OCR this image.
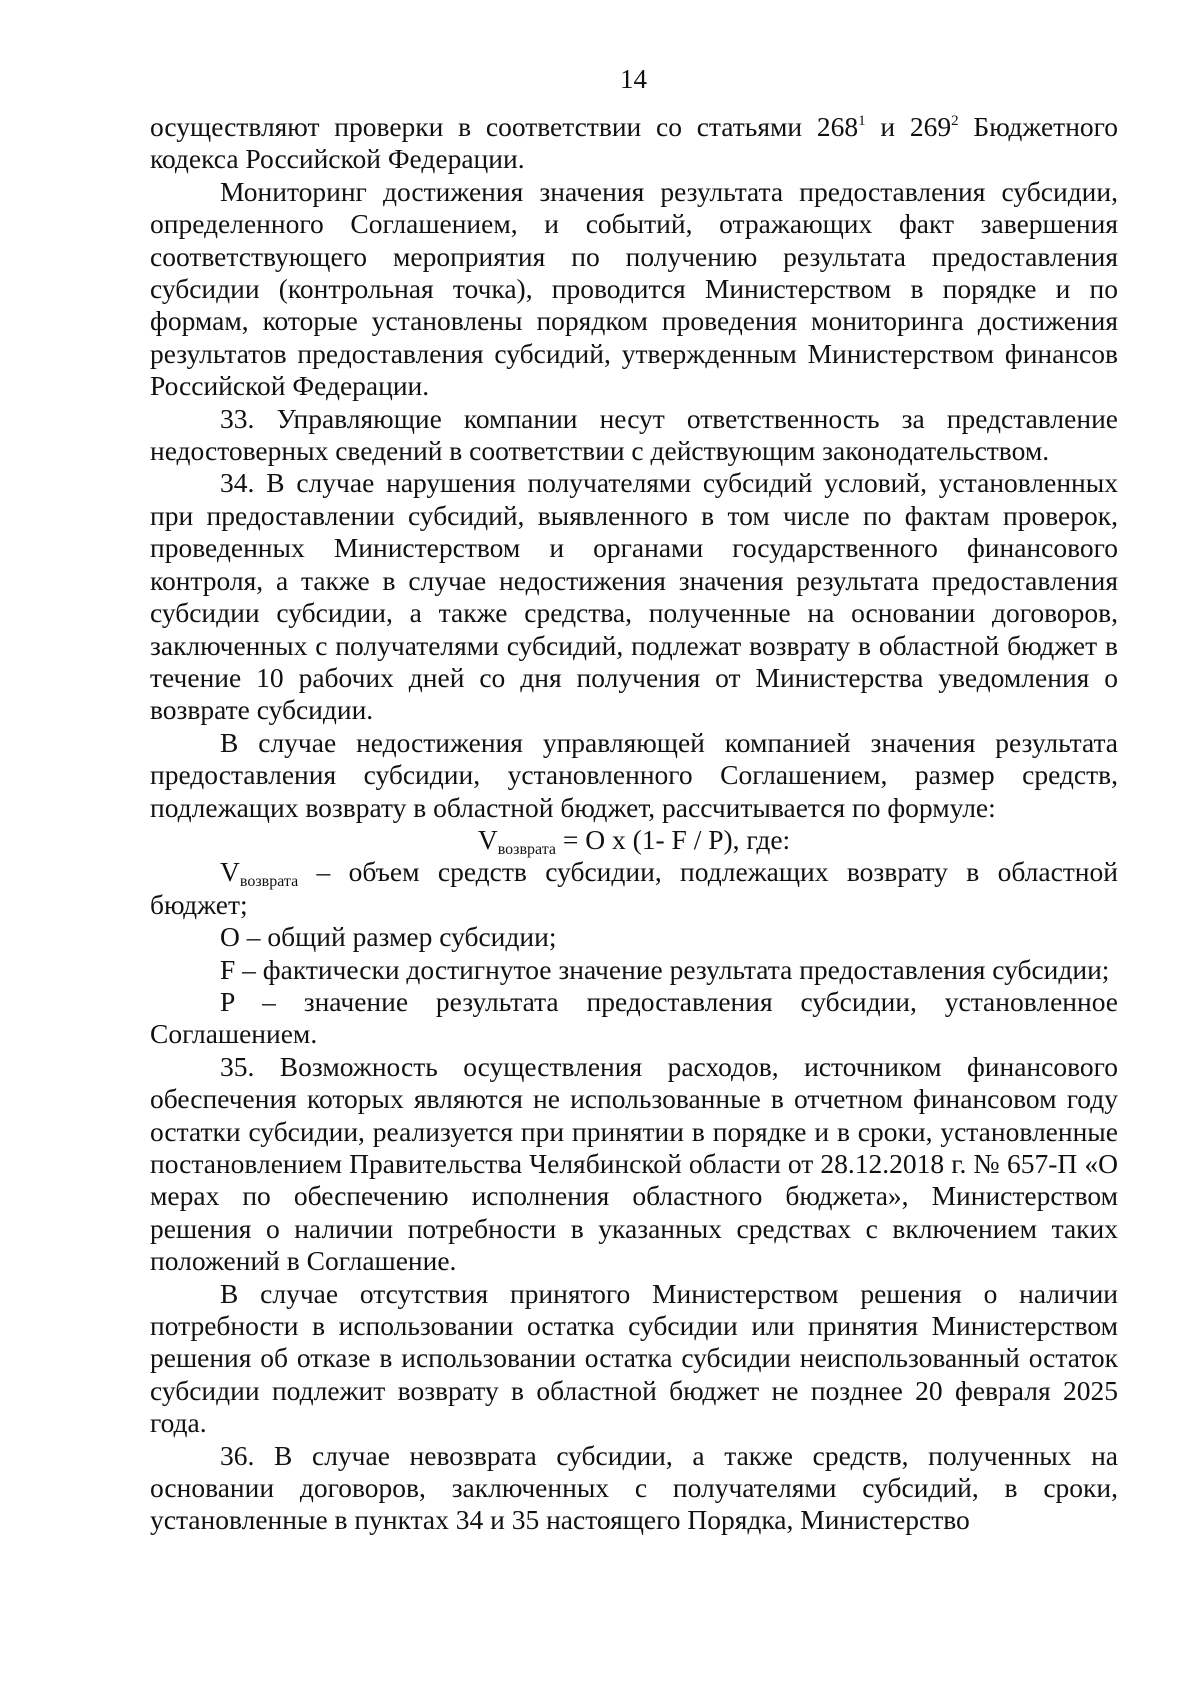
14

осуществляют проверки в соответствии со статьями $268^1$ и $269^2$ Бюджетного кодекса Российской Федерации.

Мониторинг достижения значения результата предоставления субсидии, определенного Соглашением, и событий, отражающих факт завершения соответствующего мероприятия по получению результата предоставления субсидии (контрольная точка), проводится Министерством в порядке и по формам, которые установлены порядком проведения мониторинга достижения результатов предоставления субсидий, утвержденным Министерством финансов Российской Федерации.

33. Управляющие компании несут ответственность за представление недостоверных сведений в соответствии с действующим законодательством.

34. В случае нарушения получателями субсидий условий, установленных при предоставлении субсидий, выявленного в том числе по фактам проверок, проведенных Министерством и органами государственного финансового контроля, а также в случае недостижения значения результата предоставления субсидии субсидии, а также средства, полученные на основании договоров, заключенных с получателями субсидий, подлежат возврату в областной бюджет в течение 10 рабочих дней со дня получения от Министерства уведомления о возврате субсидии.

В случае недостижения управляющей компанией значения результата предоставления субсидии, установленного Соглашением, размер средств, подлежащих возврату в областной бюджет, рассчитывается по формуле:

$V_{возврата} = O$ x (1- F / P), где:

$V_{возврата}$ – объем средств субсидии, подлежащих возврату в областной бюджет;

O – общий размер субсидии;

F – фактически достигнутое значение результата предоставления субсидии;

P – значение результата предоставления субсидии, установленное Соглашением.

35. Возможность осуществления расходов, источником финансового обеспечения которых являются не использованные в отчетном финансовом году остатки субсидии, реализуется при принятии в порядке и в сроки, установленные постановлением Правительства Челябинской области от 28.12.2018 г. № 657-П «О мерах по обеспечению исполнения областного бюджета», Министерством решения о наличии потребности в указанных средствах с включением таких положений в Соглашение.

В случае отсутствия принятого Министерством решения о наличии потребности в использовании остатка субсидии или принятия Министерством решения об отказе в использовании остатка субсидии неиспользованный остаток субсидии подлежит возврату в областной бюджет не позднее 20 февраля 2025 года.

36. В случае невозврата субсидии, а также средств, полученных на основании договоров, заключенных с получателями субсидий, в сроки, установленные в пунктах 34 и 35 настоящего Порядка, Министерство
